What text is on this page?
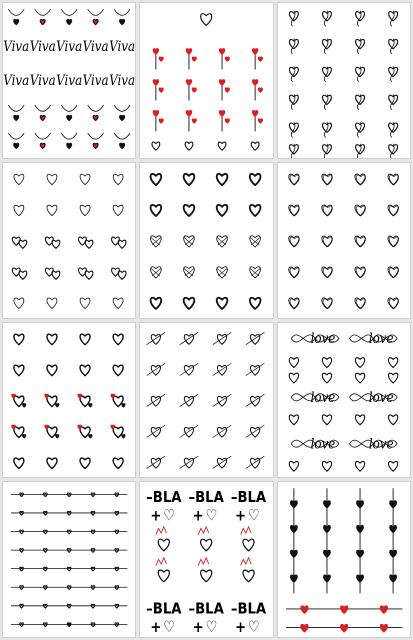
Viva Viva Viva Viva Viva
Viva Viva Viva Viva Viva
love	love
love	love
love	love
–BLA –BLA –BLA
+ ♡ + ♡ + ♡
–BLA –BLA –BLA
+ ♡ + ♡ + ♡
